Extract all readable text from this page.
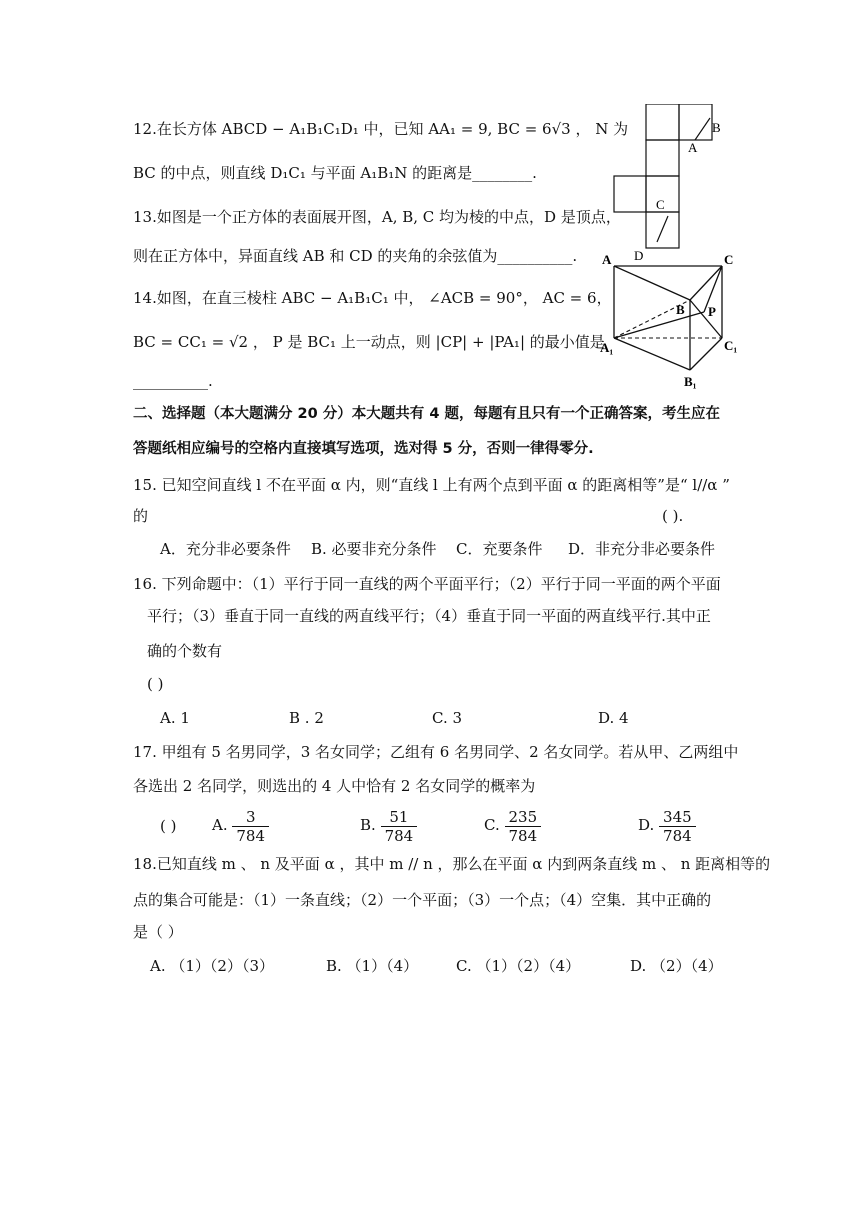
12.在长方体 ABCD − A₁B₁C₁D₁ 中，已知 AA₁ = 9, BC = 6√3 ， N 为
BC 的中点，则直线 D₁C₁ 与平面 A₁B₁N 的距离是________.
13.如图是一个正方体的表面展开图，A, B, C 均为棱的中点，D 是顶点，
则在正方体中，异面直线 AB 和 CD 的夹角的余弦值为__________.
14.如图，在直三棱柱 ABC − A₁B₁C₁ 中， ∠ACB = 90°， AC = 6，
BC = CC₁ = √2 ， P 是 BC₁ 上一动点，则 |CP| + |PA₁| 的最小值是
__________.
二、选择题（本大题满分 20 分）本大题共有 4 题，每题有且只有一个正确答案，考生应在
答题纸相应编号的空格内直接填写选项，选对得 5 分，否则一律得零分.
15. 已知空间直线 l 不在平面 α 内，则“直线 l 上有两个点到平面 α 的距离相等”是“ l//α ”
的	( ).
A．充分非必要条件 B. 必要非充分条件 C．充要条件 D．非充分非必要条件
16. 下列命题中：（1）平行于同一直线的两个平面平行；（2）平行于同一平面的两个平面
平行；（3）垂直于同一直线的两直线平行；（4）垂直于同一平面的两直线平行.其中正
确的个数有
( )
A. 1	B . 2	C. 3	D. 4
17. 甲组有 5 名男同学，3 名女同学；乙组有 6 名男同学、2 名女同学。若从甲、乙两组中
各选出 2 名同学，则选出的 4 人中恰有 2 名女同学的概率为
( ) A. $\frac{3}{784}$	B. $\frac{51}{784}$	C. $\frac{235}{784}$	D. $\frac{345}{784}$
18.已知直线 m 、 n 及平面 α ，其中 m // n ，那么在平面 α 内到两条直线 m 、 n 距离相等的
点的集合可能是：（1）一条直线；（2）一个平面；（3）一个点；（4）空集．其中正确的
是（ ）
A. （1）（2）（3）	B. （1）（4）	C. （1）（2）（4）	D. （2）（4）
A
B
C
D
A	C
B P
A₁	C₁
B₁
